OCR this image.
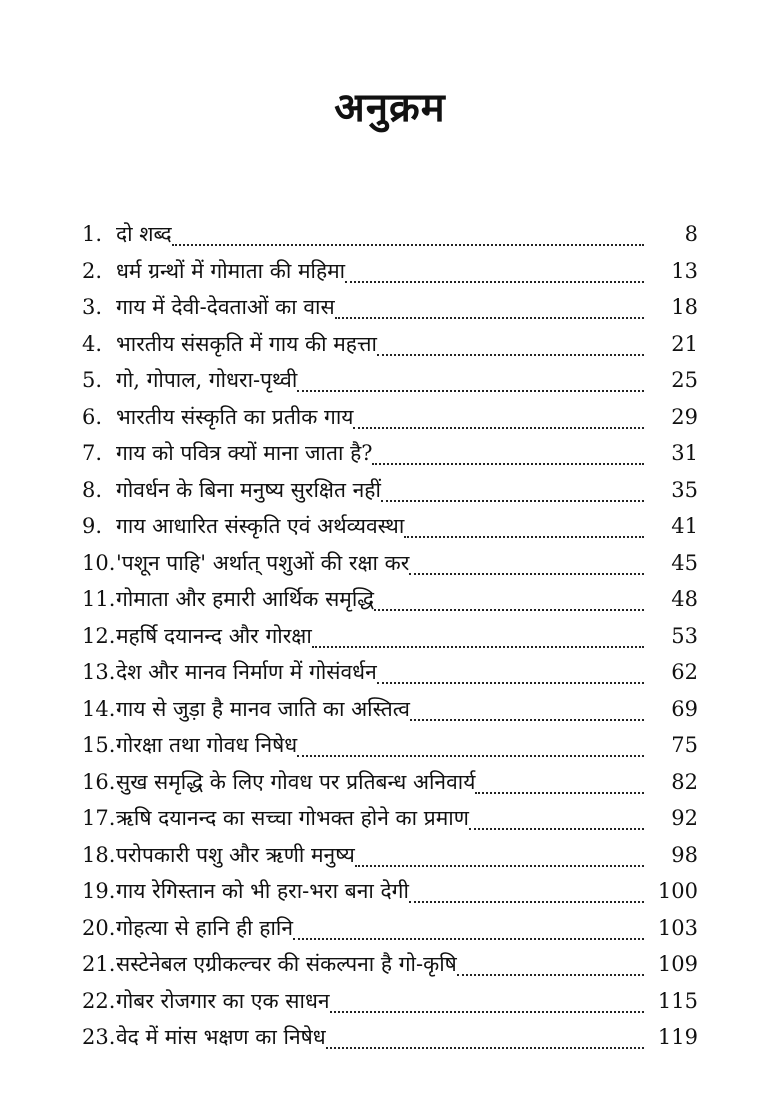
अनुक्रम
1. दो शब्द	8
2. धर्म ग्रन्थों में गोमाता की महिमा	13
3. गाय में देवी-देवताओं का वास	18
4. भारतीय संसकृति में गाय की महत्ता	21
5. गो, गोपाल, गोधरा-पृथ्वी	25
6. भारतीय संस्कृति का प्रतीक गाय	29
7. गाय को पवित्र क्यों माना जाता है?	31
8. गोवर्धन के बिना मनुष्य सुरक्षित नहीं	35
9. गाय आधारित संस्कृति एवं अर्थव्यवस्था	41
10. 'पशून पाहि' अर्थात् पशुओं की रक्षा कर	45
11. गोमाता और हमारी आर्थिक समृद्धि	48
12. महर्षि दयानन्द और गोरक्षा	53
13. देश और मानव निर्माण में गोसंवर्धन	62
14. गाय से जुड़ा है मानव जाति का अस्तित्व	69
15. गोरक्षा तथा गोवध निषेध	75
16. सुख समृद्धि के लिए गोवध पर प्रतिबन्ध अनिवार्य	82
17. ऋषि दयानन्द का सच्चा गोभक्त होने का प्रमाण	92
18. परोपकारी पशु और ऋणी मनुष्य	98
19. गाय रेगिस्तान को भी हरा-भरा बना देगी	100
20. गोहत्या से हानि ही हानि	103
21. सस्टेनेबल एग्रीकल्चर की संकल्पना है गो-कृषि	109
22. गोबर रोजगार का एक साधन	115
23. वेद में मांस भक्षण का निषेध	119
